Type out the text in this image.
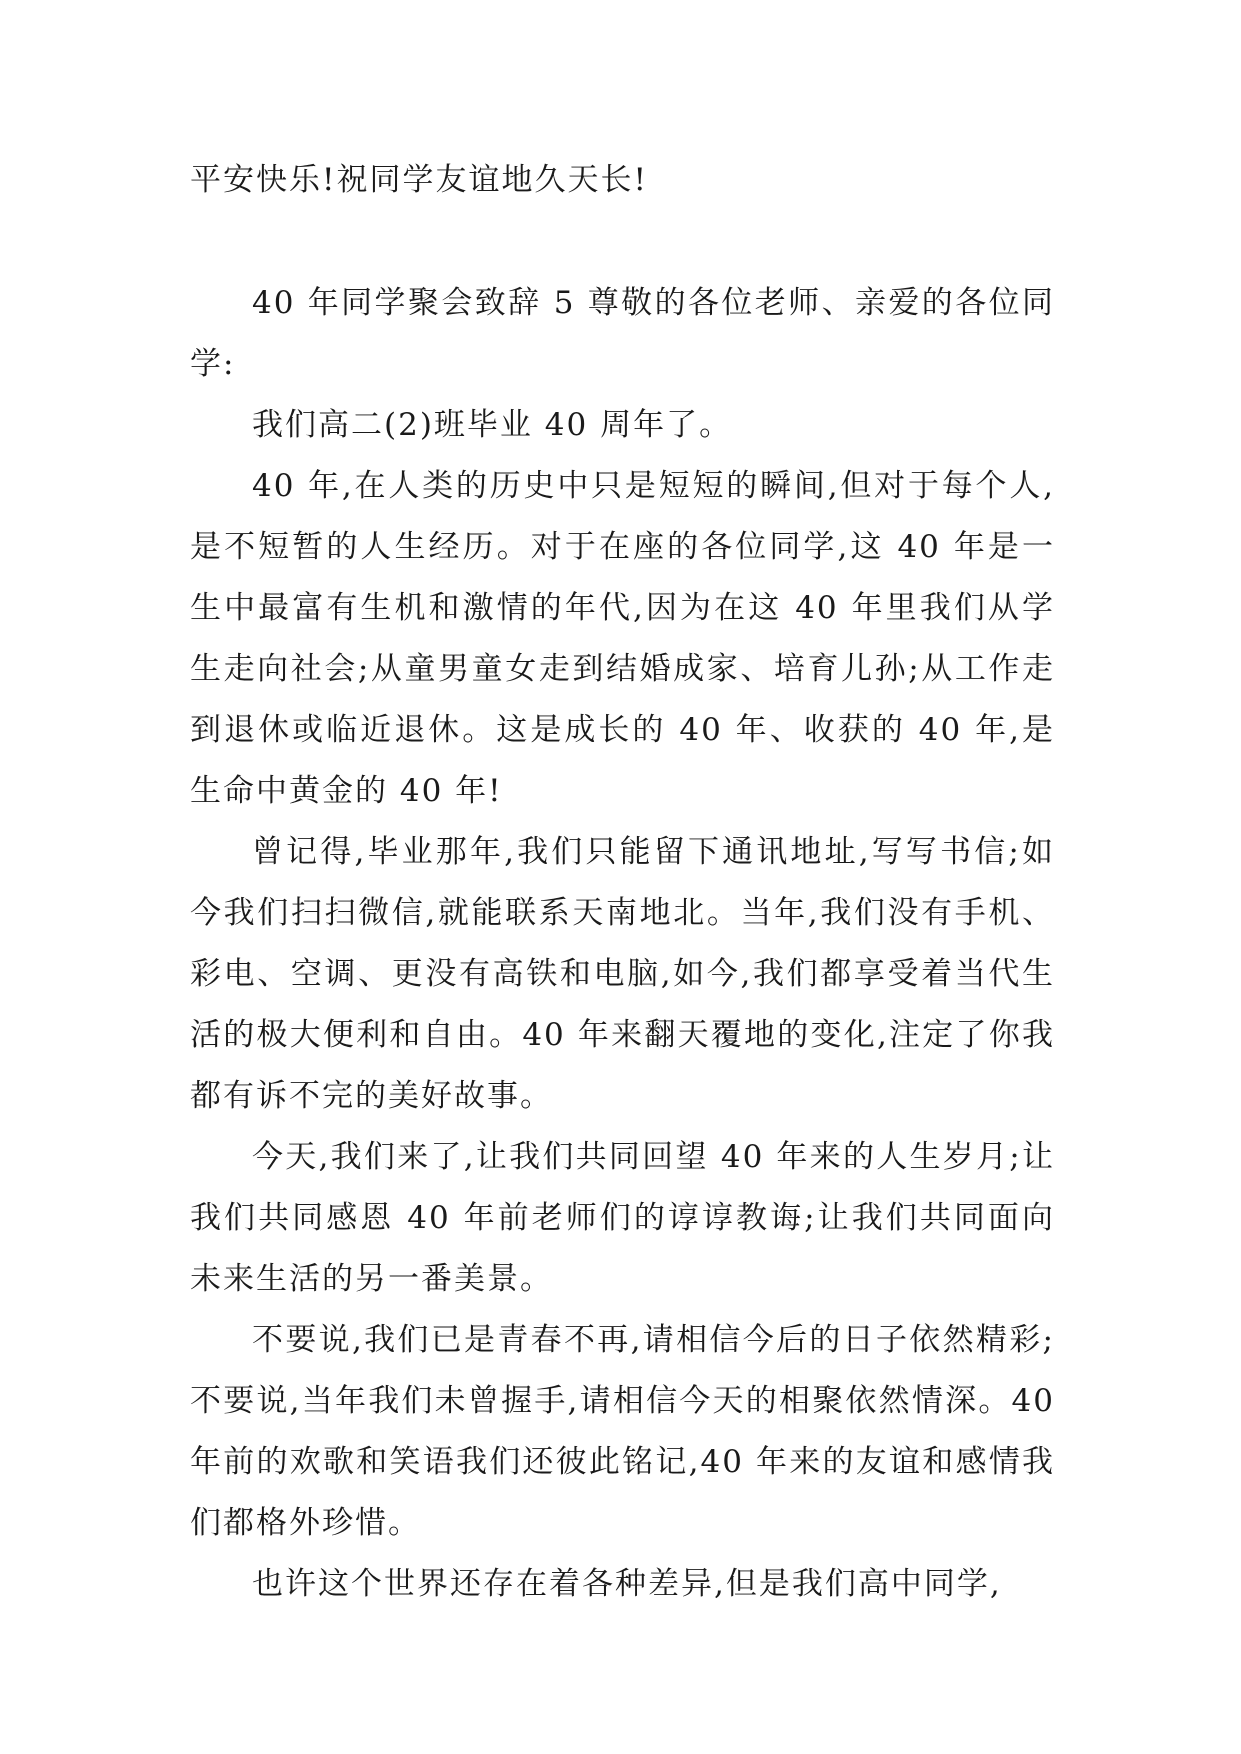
平安快乐!祝同学友谊地久天长!

40 年同学聚会致辞 5 尊敬的各位老师、亲爱的各位同学:

我们高二(2)班毕业 40 周年了。

40 年,在人类的历史中只是短短的瞬间,但对于每个人,是不短暂的人生经历。对于在座的各位同学,这 40 年是一生中最富有生机和激情的年代,因为在这 40 年里我们从学生走向社会;从童男童女走到结婚成家、培育儿孙;从工作走到退休或临近退休。这是成长的 40 年、收获的 40 年,是生命中黄金的 40 年!

曾记得,毕业那年,我们只能留下通讯地址,写写书信;如今我们扫扫微信,就能联系天南地北。当年,我们没有手机、彩电、空调、更没有高铁和电脑,如今,我们都享受着当代生活的极大便利和自由。40 年来翻天覆地的变化,注定了你我都有诉不完的美好故事。

今天,我们来了,让我们共同回望 40 年来的人生岁月;让我们共同感恩 40 年前老师们的谆谆教诲;让我们共同面向未来生活的另一番美景。

不要说,我们已是青春不再,请相信今后的日子依然精彩;不要说,当年我们未曾握手,请相信今天的相聚依然情深。40 年前的欢歌和笑语我们还彼此铭记,40 年来的友谊和感情我们都格外珍惜。

也许这个世界还存在着各种差异,但是我们高中同学,
